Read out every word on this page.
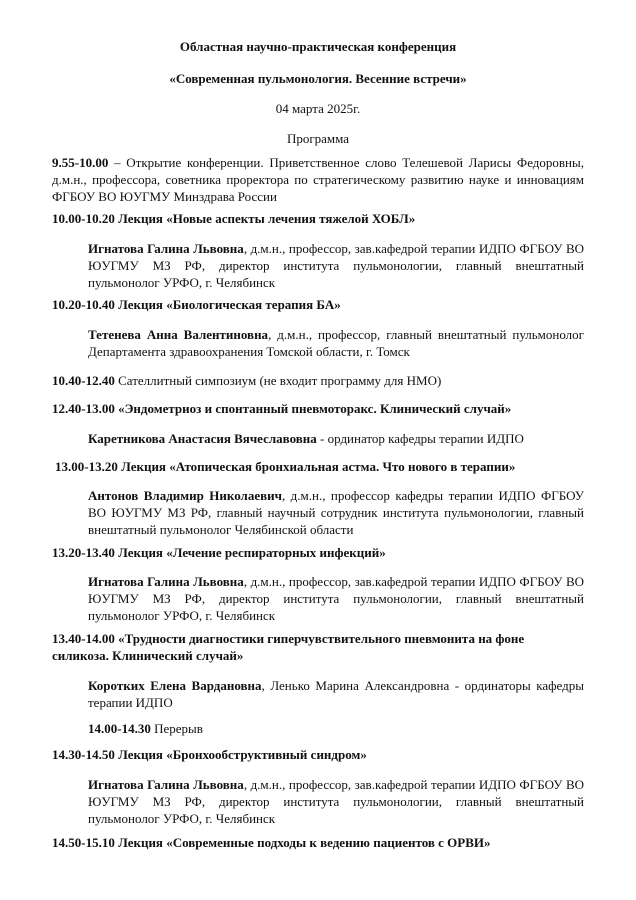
Областная научно-практическая конференция
«Современная пульмонология. Весенние встречи»
04 марта 2025г.
Программа
9.55-10.00 – Открытие конференции. Приветственное слово Телешевой Ларисы Федоровны, д.м.н., профессора, советника проректора по стратегическому развитию науке и инновациям ФГБОУ ВО ЮУГМУ Минздрава России
10.00-10.20 Лекция «Новые аспекты лечения тяжелой ХОБЛ»
Игнатова Галина Львовна, д.м.н., профессор, зав.кафедрой терапии ИДПО ФГБОУ ВО ЮУГМУ МЗ РФ, директор института пульмонологии, главный внештатный пульмонолог УРФО, г. Челябинск
10.20-10.40 Лекция «Биологическая терапия БА»
Тетенева Анна Валентиновна, д.м.н., профессор, главный внештатный пульмонолог Департамента здравоохранения Томской области, г. Томск
10.40-12.40 Сателлитный симпозиум (не входит программу для НМО)
12.40-13.00 «Эндометриоз и спонтанный пневмоторакс. Клинический случай»
Каретникова Анастасия Вячеславовна - ординатор кафедры терапии ИДПО
13.00-13.20 Лекция «Атопическая бронхиальная астма. Что нового в терапии»
Антонов Владимир Николаевич, д.м.н., профессор кафедры терапии ИДПО ФГБОУ ВО ЮУГМУ МЗ РФ, главный научный сотрудник института пульмонологии, главный внештатный пульмонолог Челябинской области
13.20-13.40 Лекция «Лечение респираторных инфекций»
Игнатова Галина Львовна, д.м.н., профессор, зав.кафедрой терапии ИДПО ФГБОУ ВО ЮУГМУ МЗ РФ, директор института пульмонологии, главный внештатный пульмонолог УРФО, г. Челябинск
13.40-14.00 «Трудности диагностики гиперчувствительного пневмонита на фоне силикоза. Клинический случай»
Коротких Елена Вардановна, Ленько Марина Александровна - ординаторы кафедры терапии ИДПО
14.00-14.30 Перерыв
14.30-14.50 Лекция «Бронхообструктивный синдром»
Игнатова Галина Львовна, д.м.н., профессор, зав.кафедрой терапии ИДПО ФГБОУ ВО ЮУГМУ МЗ РФ, директор института пульмонологии, главный внештатный пульмонолог УРФО, г. Челябинск
14.50-15.10 Лекция «Современные подходы к ведению пациентов с ОРВИ»
